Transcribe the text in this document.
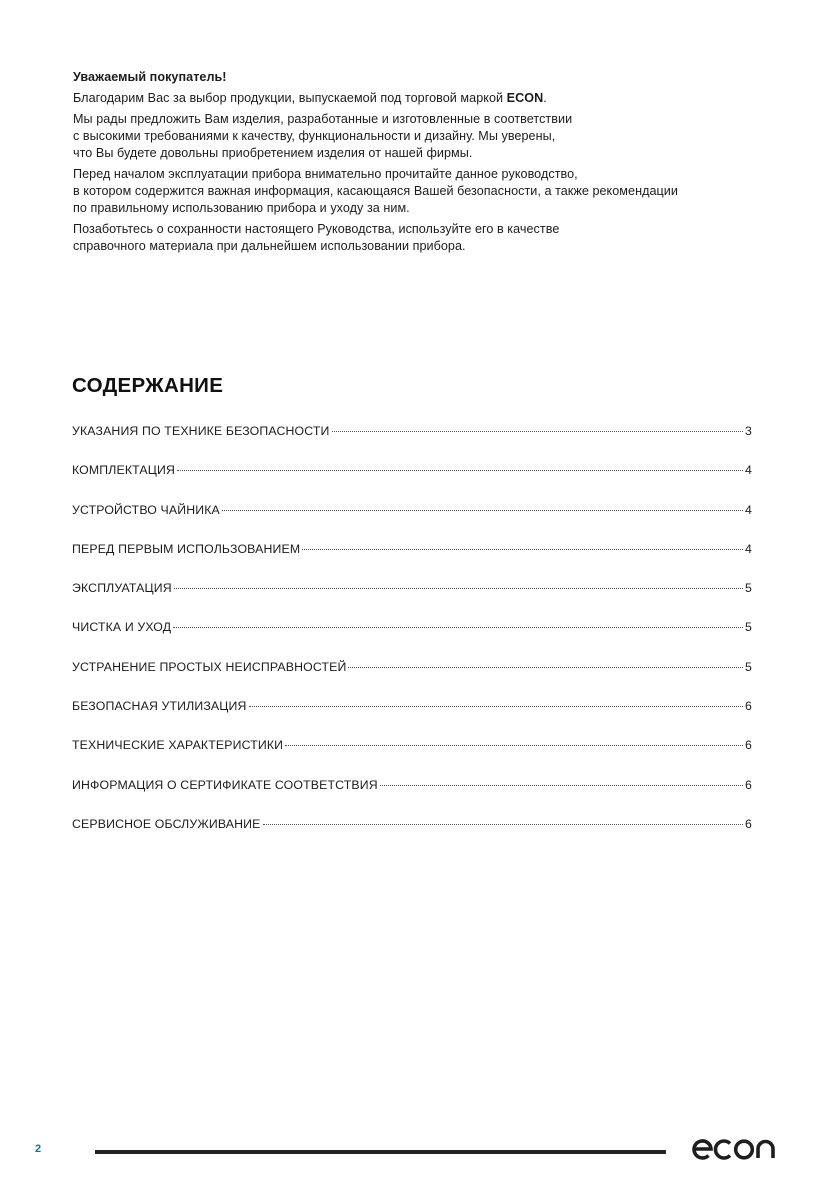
Уважаемый покупатель!

Благодарим Вас за выбор продукции, выпускаемой под торговой маркой ECON.

Мы рады предложить Вам изделия, разработанные и изготовленные в соответствии
с высокими требованиями к качеству, функциональности и дизайну. Мы уверены,
что Вы будете довольны приобретением изделия от нашей фирмы.

Перед началом эксплуатации прибора внимательно прочитайте данное руководство,
в котором содержится важная информация, касающаяся Вашей безопасности, а также рекомендации
по правильному использованию прибора и уходу за ним.

Позаботьтесь о сохранности настоящего Руководства, используйте его в качестве
справочного материала при дальнейшем использовании прибора.

СОДЕРЖАНИЕ
УКАЗАНИЯ ПО ТЕХНИКЕ БЕЗОПАСНОСТИ	3
КОМПЛЕКТАЦИЯ	4
УСТРОЙСТВО ЧАЙНИКА	4
ПЕРЕД ПЕРВЫМ ИСПОЛЬЗОВАНИЕМ	4
ЭКСПЛУАТАЦИЯ	5
ЧИСТКА И УХОД	5
УСТРАНЕНИЕ ПРОСТЫХ НЕИСПРАВНОСТЕЙ	5
БЕЗОПАСНАЯ УТИЛИЗАЦИЯ	6
ТЕХНИЧЕСКИЕ ХАРАКТЕРИСТИКИ	6
ИНФОРМАЦИЯ О СЕРТИФИКАТЕ СООТВЕТСТВИЯ	6
СЕРВИСНОЕ ОБСЛУЖИВАНИЕ	6
2
